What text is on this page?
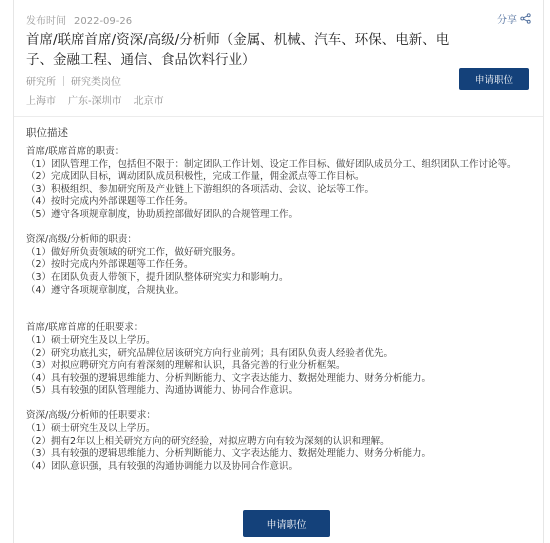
发布时间 2022-09-26	分享
首席/联席首席/资深/高级/分析师（金属、机械、汽车、环保、电新、电子、金融工程、通信、食品饮料行业）
研究所 研究类岗位
上海市 广东-深圳市 北京市
申请职位
职位描述
首席/联席首席的职责：
（1）团队管理工作，包括但不限于：制定团队工作计划、设定工作目标、做好团队成员分工、组织团队工作讨论等。
（2）完成团队目标，调动团队成员积极性，完成工作量，佣金派点等工作目标。
（3）积极组织、参加研究所及产业链上下游组织的各项活动、会议、论坛等工作。
（4）按时完成内外部课题等工作任务。
（5）遵守各项规章制度，协助质控部做好团队的合规管理工作。
资深/高级/分析师的职责：
（1）做好所负责领域的研究工作，做好研究服务。
（2）按时完成内外部课题等工作任务。
（3）在团队负责人带领下，提升团队整体研究实力和影响力。
（4）遵守各项规章制度，合规执业。
首席/联席首席的任职要求：
（1）硕士研究生及以上学历。
（2）研究功底扎实，研究品牌位居该研究方向行业前列；具有团队负责人经验者优先。
（3）对拟应聘研究方向有着深刻的理解和认识，具备完善的行业分析框架。
（4）具有较强的逻辑思维能力、分析判断能力、文字表达能力、数据处理能力、财务分析能力。
（5）具有较强的团队管理能力、沟通协调能力、协同合作意识。
资深/高级/分析师的任职要求：
（1）硕士研究生及以上学历。
（2）拥有2年以上相关研究方向的研究经验，对拟应聘方向有较为深刻的认识和理解。
（3）具有较强的逻辑思维能力、分析判断能力、文字表达能力、数据处理能力、财务分析能力。
（4）团队意识强，具有较强的沟通协调能力以及协同合作意识。
申请职位
